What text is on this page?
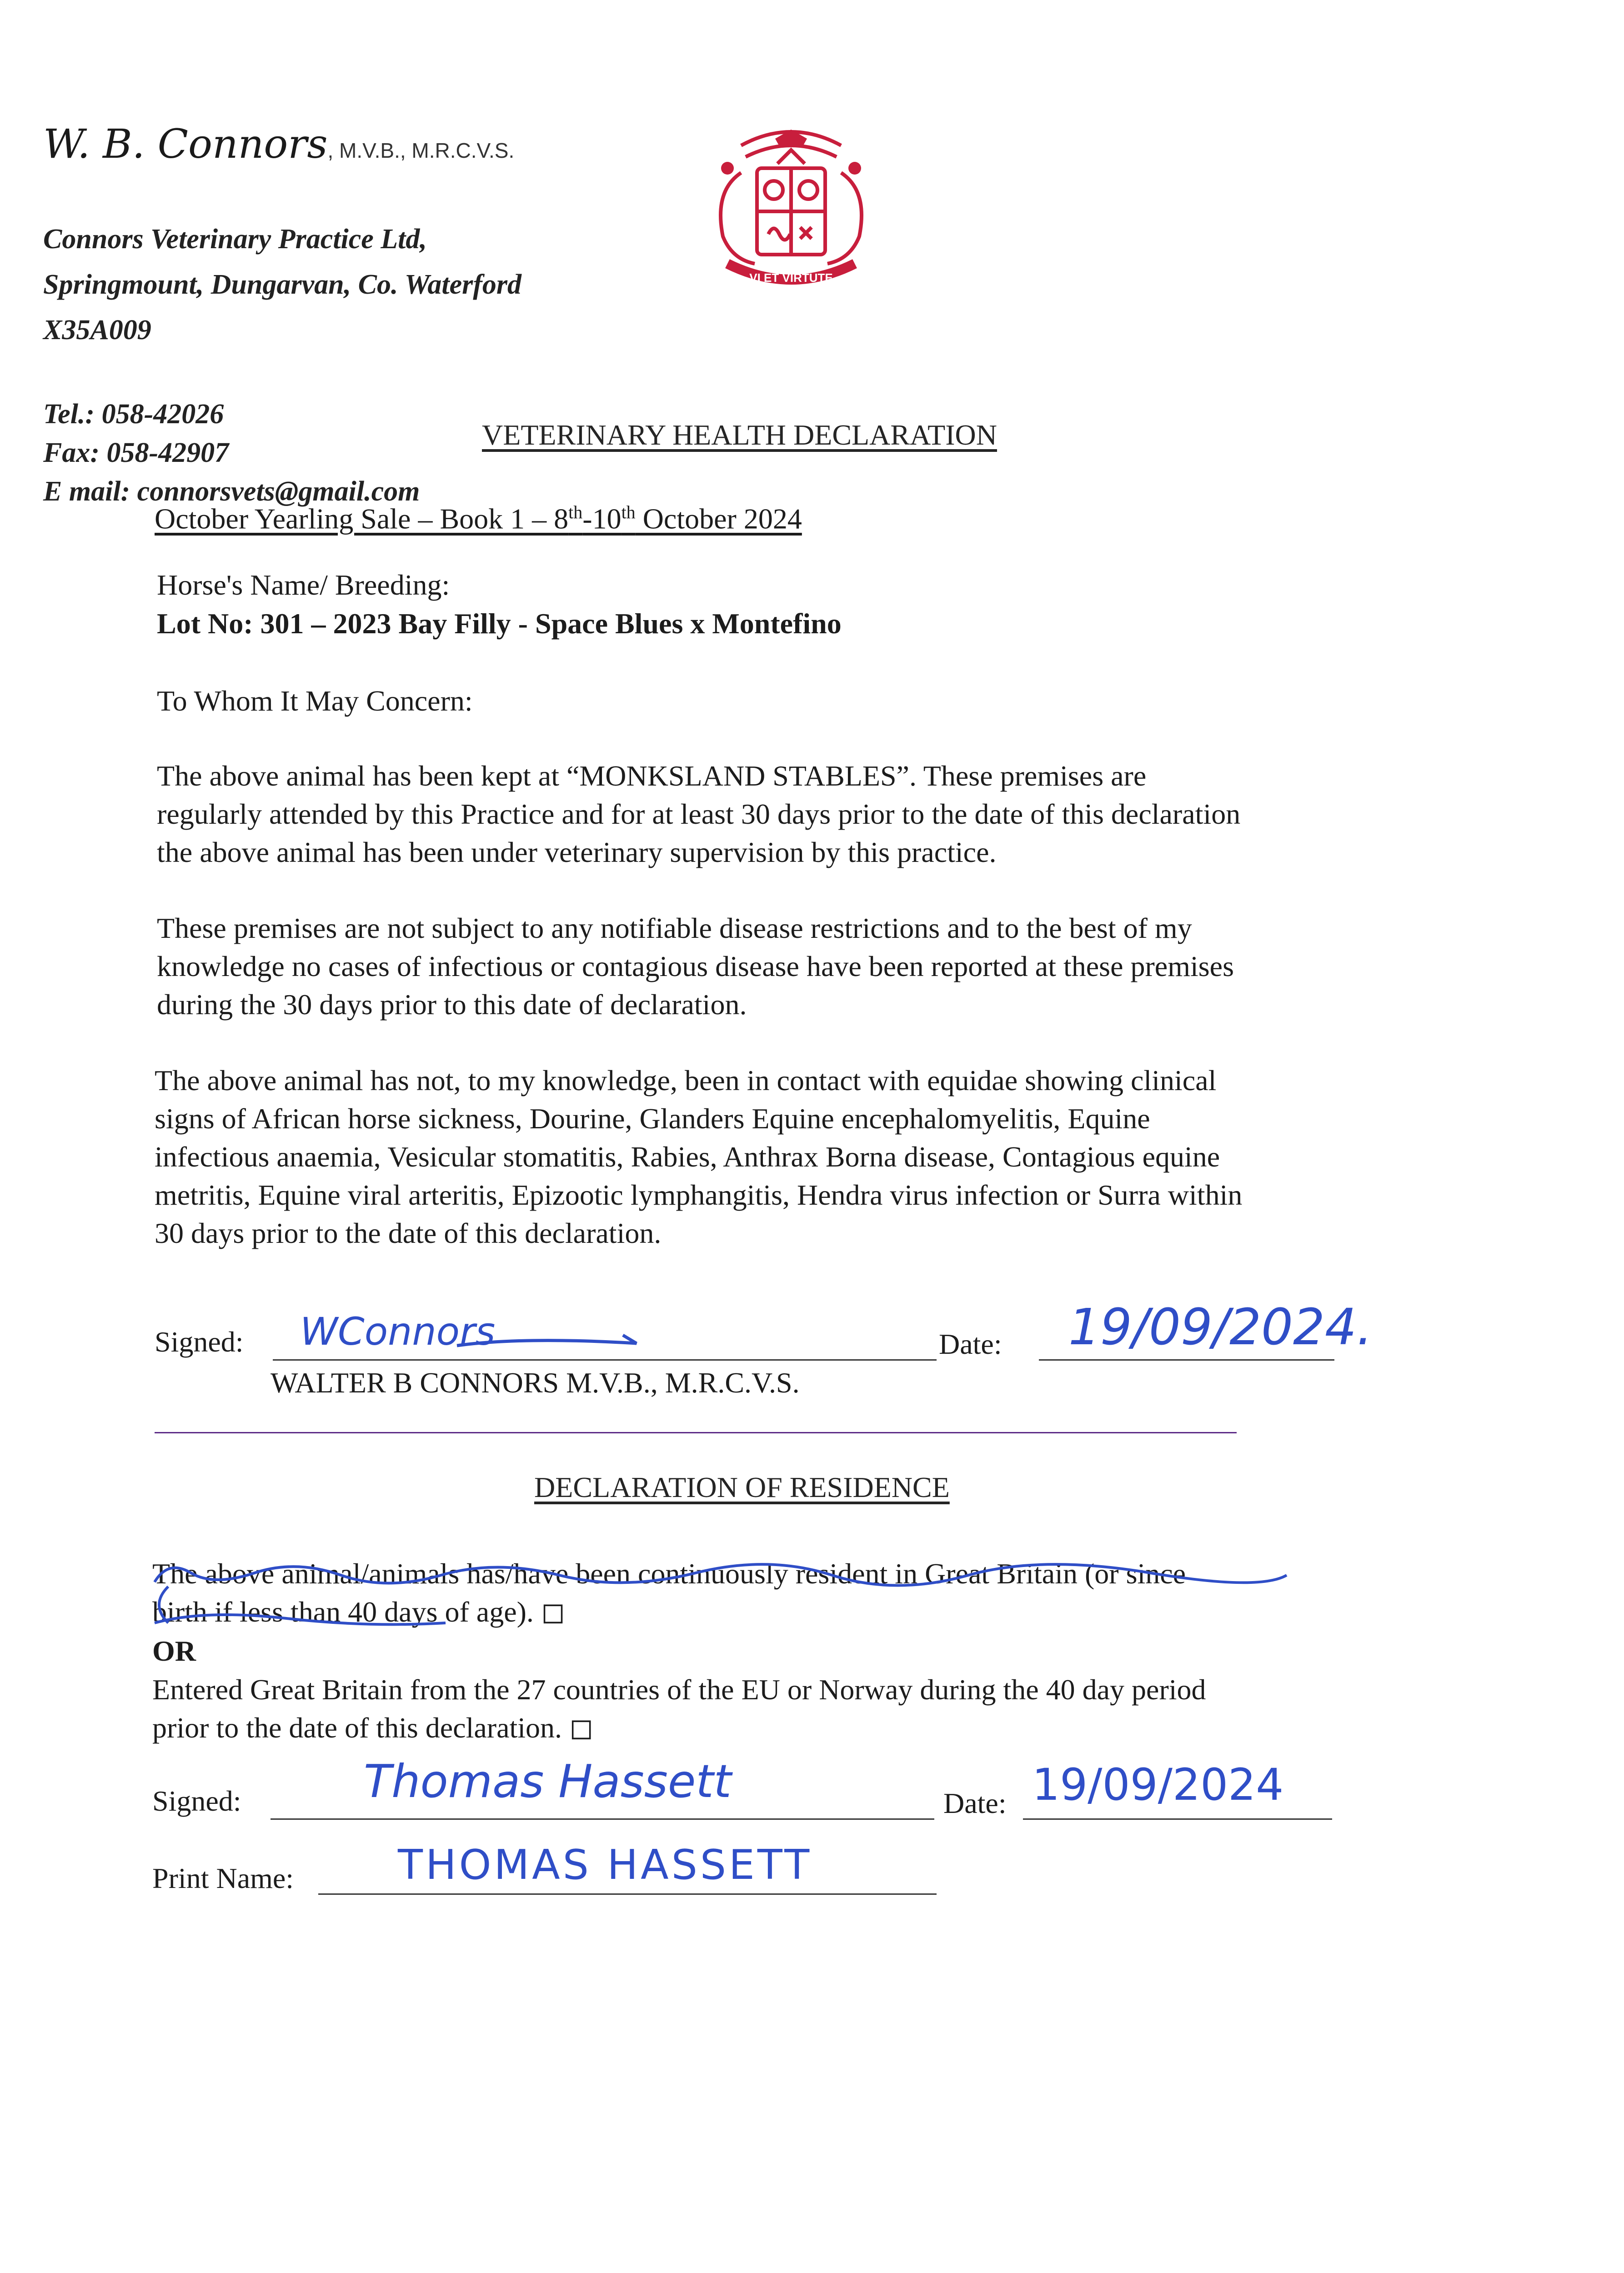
W. B. Connors, M.V.B., M.R.C.V.S.
Connors Veterinary Practice Ltd,
Springmount, Dungarvan, Co. Waterford
X35A009
Tel.: 058-42026
Fax: 058-42907
E mail: connorsvets@gmail.com
VI ET VIRTUTE
VETERINARY HEALTH DECLARATION
October Yearling Sale – Book 1 – 8th-10th October 2024
Horse's Name/ Breeding:
Lot No: 301 – 2023 Bay Filly - Space Blues x Montefino
To Whom It May Concern:
The above animal has been kept at “MONKSLAND STABLES”. These premises are
regularly attended by this Practice and for at least 30 days prior to the date of this declaration
the above animal has been under veterinary supervision by this practice.
These premises are not subject to any notifiable disease restrictions and to the best of my
knowledge no cases of infectious or contagious disease have been reported at these premises
during the 30 days prior to this date of declaration.
The above animal has not, to my knowledge, been in contact with equidae showing clinical
signs of African horse sickness, Dourine, Glanders Equine encephalomyelitis, Equine
infectious anaemia, Vesicular stomatitis, Rabies, Anthrax Borna disease, Contagious equine
metritis, Equine viral arteritis, Epizootic lymphangitis, Hendra virus infection or Surra within
30 days prior to the date of this declaration.
Signed: WConnors
WALTER B CONNORS M.V.B., M.R.C.V.S.
Date: 19/09/2024.
DECLARATION OF RESIDENCE
The above animal/animals has/have been continuously resident in Great Britain (or since
birth if less than 40 days of age). ◻
OR
Entered Great Britain from the 27 countries of the EU or Norway during the 40 day period
prior to the date of this declaration. ◻
Signed:	Thomas Hassett	Date: 19/09/2024
Print Name:	THOMAS HASSETT
